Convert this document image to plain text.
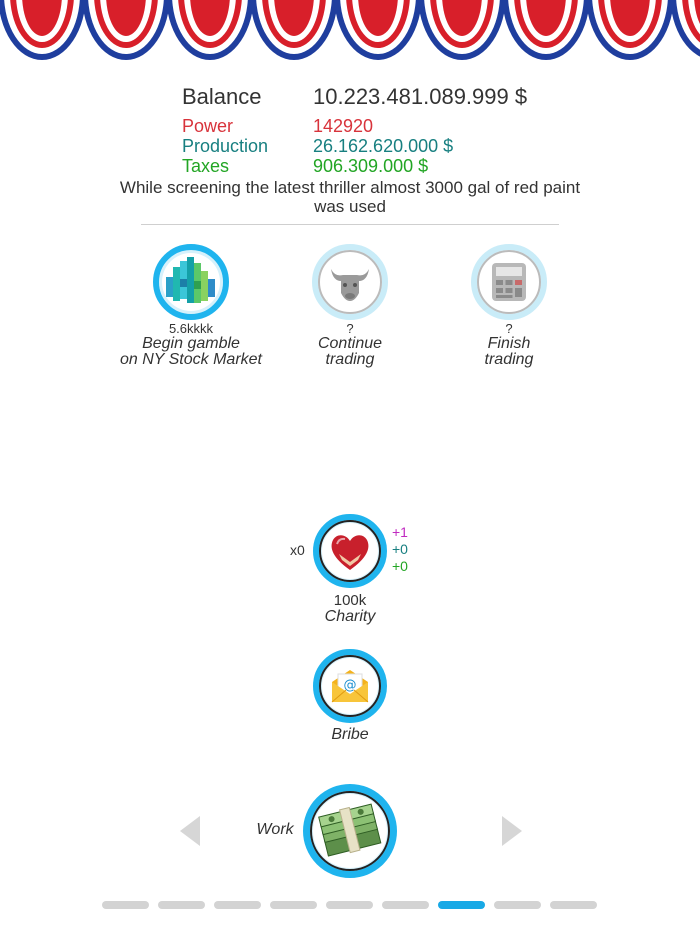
Balance 10.223.481.089.999 $
Power	142920
Production 26.162.620.000 $
Taxes	906.309.000 $
While screening the latest thriller almost 3000 gal of red paint was used
5.6kkkk
Begin gamble
on NY Stock Market
?
Continue
trading
?
Finish
trading
x0
+1
+0
+0
100k
Charity
@
Bribe
Work
